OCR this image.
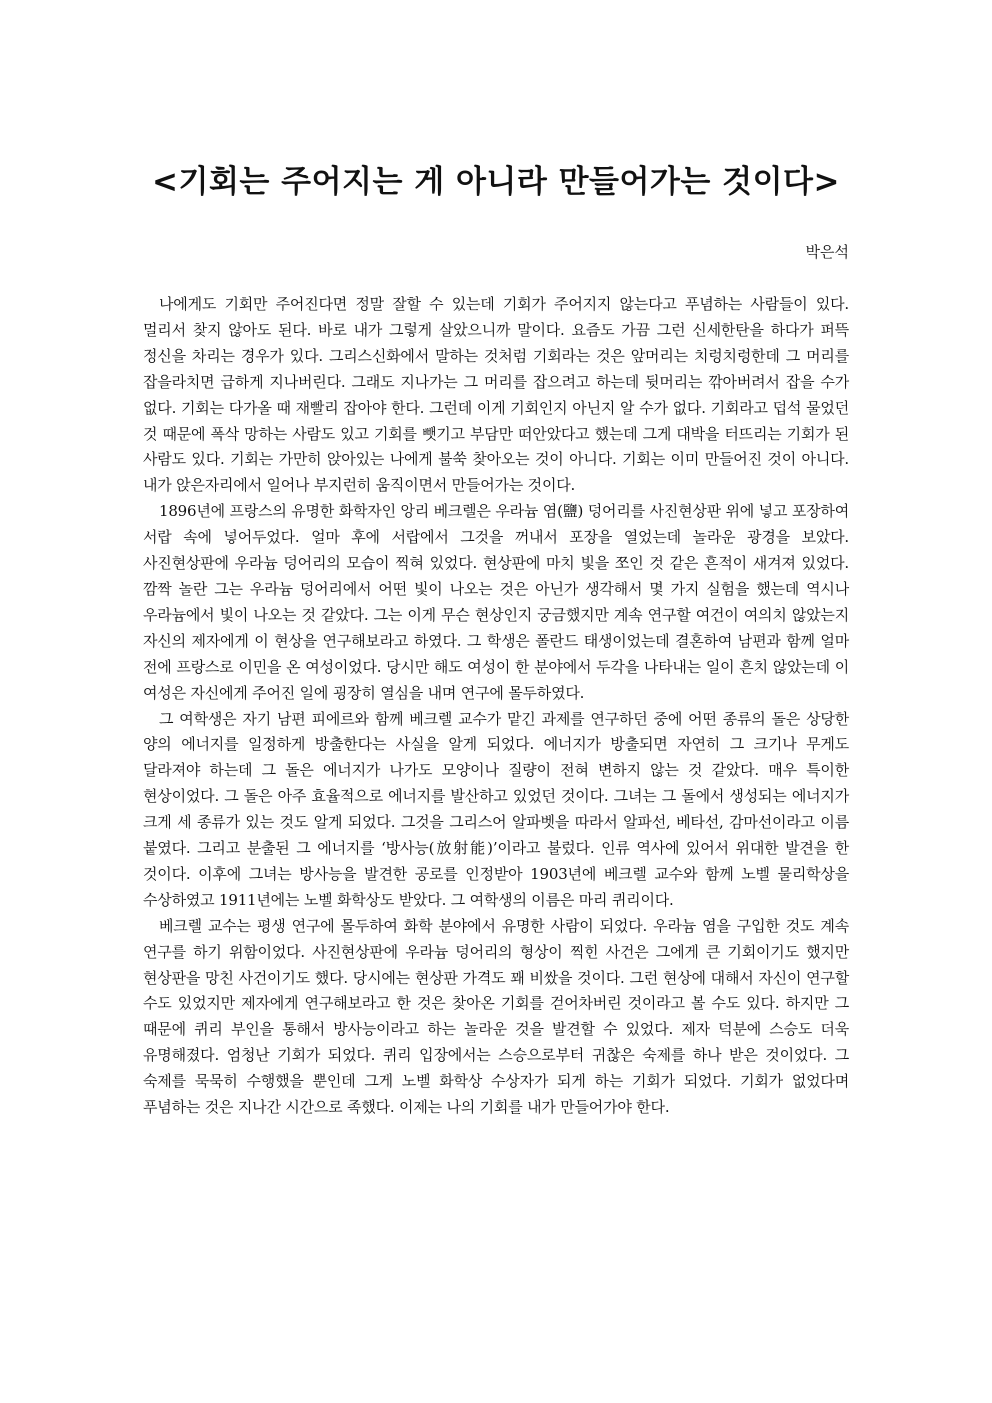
<기회는 주어지는 게 아니라 만들어가는 것이다>

박은석

나에게도 기회만 주어진다면 정말 잘할 수 있는데 기회가 주어지지 않는다고 푸념하는 사람들이 있다. 멀리서 찾지 않아도 된다. 바로 내가 그렇게 살았으니까 말이다. 요즘도 가끔 그런 신세한탄을 하다가 퍼뜩 정신을 차리는 경우가 있다. 그리스신화에서 말하는 것처럼 기회라는 것은 앞머리는 치렁치렁한데 그 머리를 잡을라치면 급하게 지나버린다. 그래도 지나가는 그 머리를 잡으려고 하는데 뒷머리는 깎아버려서 잡을 수가 없다. 기회는 다가올 때 재빨리 잡아야 한다. 그런데 이게 기회인지 아닌지 알 수가 없다. 기회라고 덥석 물었던 것 때문에 폭삭 망하는 사람도 있고 기회를 뺏기고 부담만 떠안았다고 했는데 그게 대박을 터뜨리는 기회가 된 사람도 있다. 기회는 가만히 앉아있는 나에게 불쑥 찾아오는 것이 아니다. 기회는 이미 만들어진 것이 아니다. 내가 앉은자리에서 일어나 부지런히 움직이면서 만들어가는 것이다.

1896년에 프랑스의 유명한 화학자인 앙리 베크렐은 우라늄 염(鹽) 덩어리를 사진현상판 위에 넣고 포장하여 서랍 속에 넣어두었다. 얼마 후에 서랍에서 그것을 꺼내서 포장을 열었는데 놀라운 광경을 보았다. 사진현상판에 우라늄 덩어리의 모습이 찍혀 있었다. 현상판에 마치 빛을 쪼인 것 같은 흔적이 새겨져 있었다. 깜짝 놀란 그는 우라늄 덩어리에서 어떤 빛이 나오는 것은 아닌가 생각해서 몇 가지 실험을 했는데 역시나 우라늄에서 빛이 나오는 것 같았다. 그는 이게 무슨 현상인지 궁금했지만 계속 연구할 여건이 여의치 않았는지 자신의 제자에게 이 현상을 연구해보라고 하였다. 그 학생은 폴란드 태생이었는데 결혼하여 남편과 함께 얼마 전에 프랑스로 이민을 온 여성이었다. 당시만 해도 여성이 한 분야에서 두각을 나타내는 일이 흔치 않았는데 이 여성은 자신에게 주어진 일에 굉장히 열심을 내며 연구에 몰두하였다.

그 여학생은 자기 남편 피에르와 함께 베크렐 교수가 맡긴 과제를 연구하던 중에 어떤 종류의 돌은 상당한 양의 에너지를 일정하게 방출한다는 사실을 알게 되었다. 에너지가 방출되면 자연히 그 크기나 무게도 달라져야 하는데 그 돌은 에너지가 나가도 모양이나 질량이 전혀 변하지 않는 것 같았다. 매우 특이한 현상이었다. 그 돌은 아주 효율적으로 에너지를 발산하고 있었던 것이다. 그녀는 그 돌에서 생성되는 에너지가 크게 세 종류가 있는 것도 알게 되었다. 그것을 그리스어 알파벳을 따라서 알파선, 베타선, 감마선이라고 이름 붙였다. 그리고 분출된 그 에너지를 ‘방사능(放射能)’이라고 불렀다. 인류 역사에 있어서 위대한 발견을 한 것이다. 이후에 그녀는 방사능을 발견한 공로를 인정받아 1903년에 베크렐 교수와 함께 노벨 물리학상을 수상하였고 1911년에는 노벨 화학상도 받았다. 그 여학생의 이름은 마리 퀴리이다.

베크렐 교수는 평생 연구에 몰두하여 화학 분야에서 유명한 사람이 되었다. 우라늄 염을 구입한 것도 계속 연구를 하기 위함이었다. 사진현상판에 우라늄 덩어리의 형상이 찍힌 사건은 그에게 큰 기회이기도 했지만 현상판을 망친 사건이기도 했다. 당시에는 현상판 가격도 꽤 비쌌을 것이다. 그런 현상에 대해서 자신이 연구할 수도 있었지만 제자에게 연구해보라고 한 것은 찾아온 기회를 걷어차버린 것이라고 볼 수도 있다. 하지만 그 때문에 퀴리 부인을 통해서 방사능이라고 하는 놀라운 것을 발견할 수 있었다. 제자 덕분에 스승도 더욱 유명해졌다. 엄청난 기회가 되었다. 퀴리 입장에서는 스승으로부터 귀찮은 숙제를 하나 받은 것이었다. 그 숙제를 묵묵히 수행했을 뿐인데 그게 노벨 화학상 수상자가 되게 하는 기회가 되었다. 기회가 없었다며 푸념하는 것은 지나간 시간으로 족했다. 이제는 나의 기회를 내가 만들어가야 한다.
